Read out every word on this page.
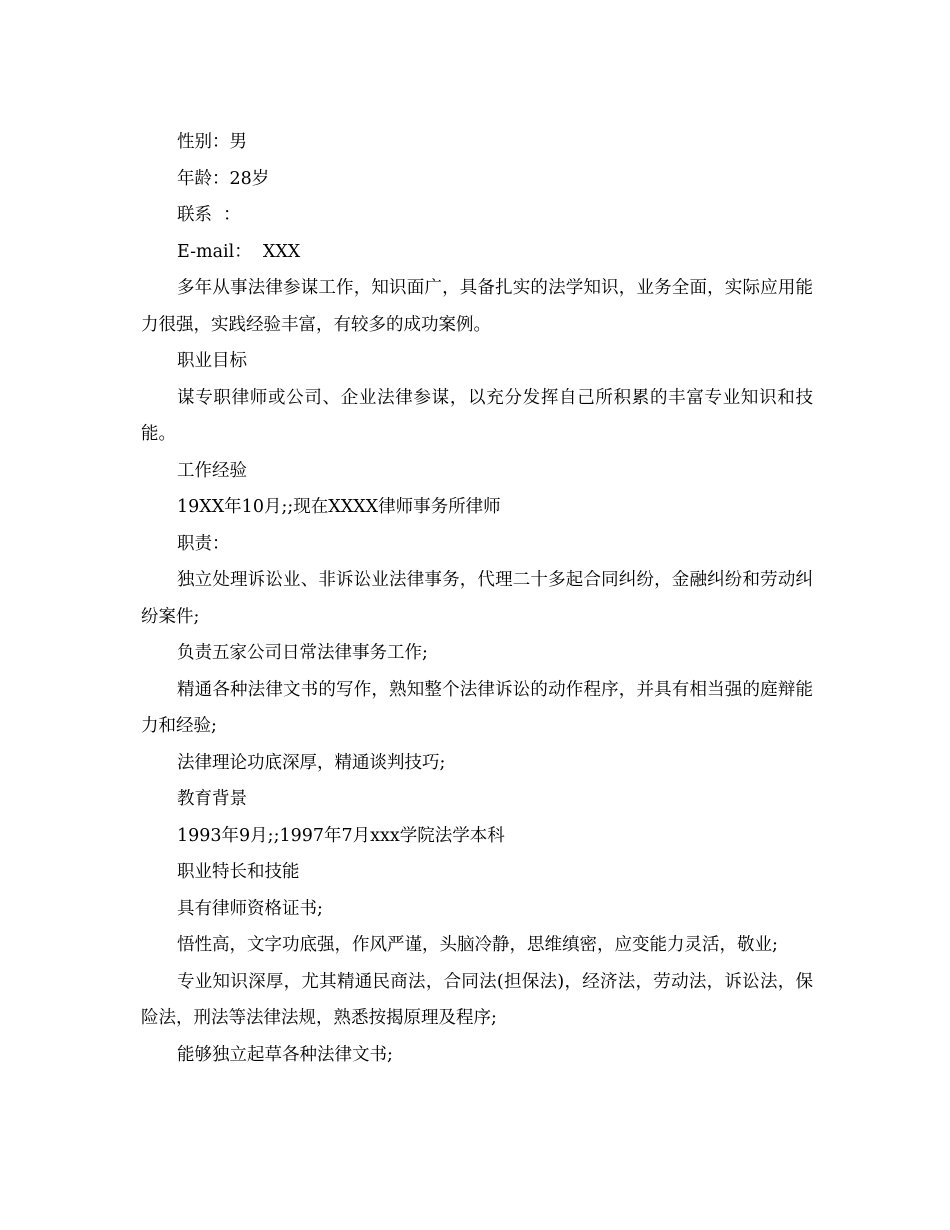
性别：男

年龄：28岁

联系  ：

E-mail：  XXX

多年从事法律参谋工作，知识面广，具备扎实的法学知识，业务全面，实际应用能力很强，实践经验丰富，有较多的成功案例。

职业目标

谋专职律师或公司、企业法律参谋，以充分发挥自己所积累的丰富专业知识和技能。

工作经验

19XX年10月;;现在XXXX律师事务所律师

职责：

独立处理诉讼业、非诉讼业法律事务，代理二十多起合同纠纷，金融纠纷和劳动纠纷案件;

负责五家公司日常法律事务工作;

精通各种法律文书的写作，熟知整个法律诉讼的动作程序，并具有相当强的庭辩能力和经验;

法律理论功底深厚，精通谈判技巧;

教育背景

1993年9月;;1997年7月xxx学院法学本科

职业特长和技能

具有律师资格证书;

悟性高，文字功底强，作风严谨，头脑冷静，思维缜密，应变能力灵活，敬业;

专业知识深厚，尤其精通民商法，合同法(担保法)，经济法，劳动法，诉讼法，保险法，刑法等法律法规，熟悉按揭原理及程序;

能够独立起草各种法律文书;
